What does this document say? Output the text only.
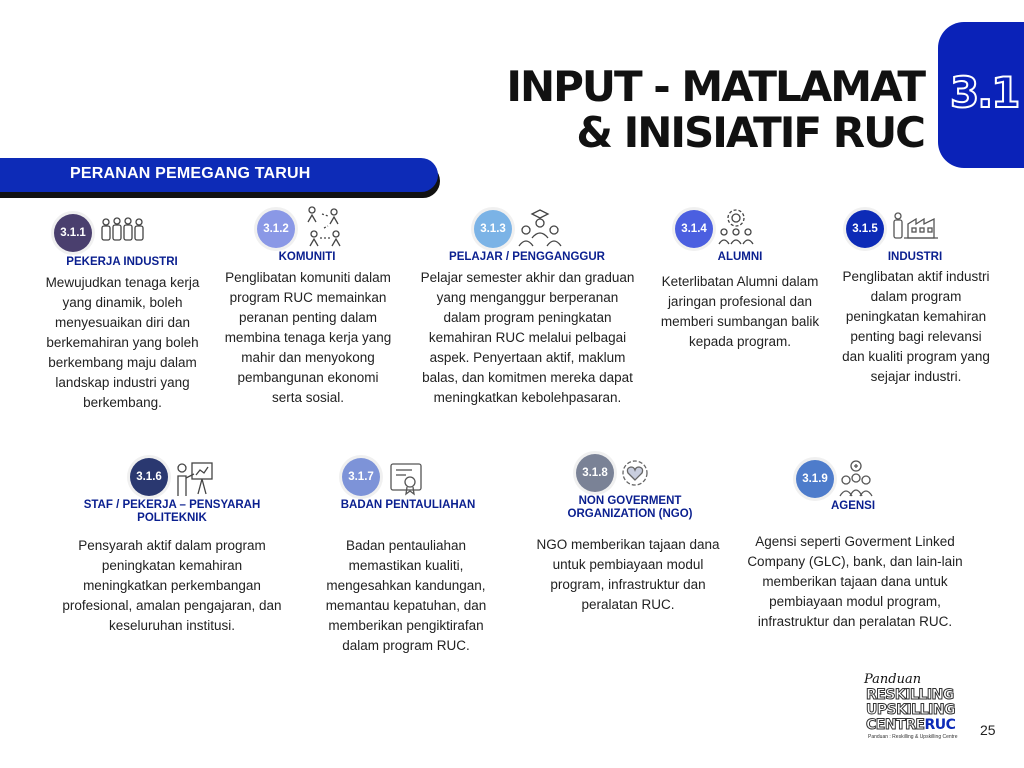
INPUT - MATLAMAT
& INISIATIF RUC
3.1
PERANAN PEMEGANG TARUH
3.1.1
PEKERJA INDUSTRI
Mewujudkan tenaga kerja yang dinamik, boleh menyesuaikan diri dan berkemahiran yang boleh berkembang maju dalam landskap industri yang berkembang.
3.1.2
KOMUNITI
Penglibatan komuniti dalam program RUC memainkan peranan penting dalam membina tenaga kerja yang mahir dan menyokong pembangunan ekonomi serta sosial.
3.1.3
PELAJAR / PENGGANGGUR
Pelajar semester akhir dan graduan yang menganggur berperanan dalam program peningkatan kemahiran RUC melalui pelbagai aspek. Penyertaan aktif, maklum balas, dan komitmen mereka dapat meningkatkan kebolehpasaran.
3.1.4
ALUMNI
Keterlibatan Alumni dalam jaringan profesional dan memberi sumbangan balik kepada program.
3.1.5
INDUSTRI
Penglibatan aktif industri dalam program peningkatan kemahiran penting bagi relevansi dan kualiti program yang sejajar industri.
3.1.6
STAF / PEKERJA – PENSYARAH POLITEKNIK
Pensyarah aktif dalam program peningkatan kemahiran meningkatkan perkembangan profesional, amalan pengajaran, dan keseluruhan institusi.
3.1.7
BADAN PENTAULIAHAN
Badan pentauliahan memastikan kualiti, mengesahkan kandungan, memantau kepatuhan, dan memberikan pengiktirafan dalam program RUC.
3.1.8
NON GOVERMENT ORGANIZATION (NGO)
NGO memberikan tajaan dana untuk pembiayaan modul program, infrastruktur dan peralatan RUC.
3.1.9
AGENSI
Agensi seperti Goverment Linked Company (GLC), bank, dan lain-lain memberikan tajaan dana untuk pembiayaan modul program, infrastruktur dan peralatan RUC.
Panduan
RESKILLING
UPSKILLING
CENTRERUC
Panduan : Reskilling & Upskilling Centre 25
